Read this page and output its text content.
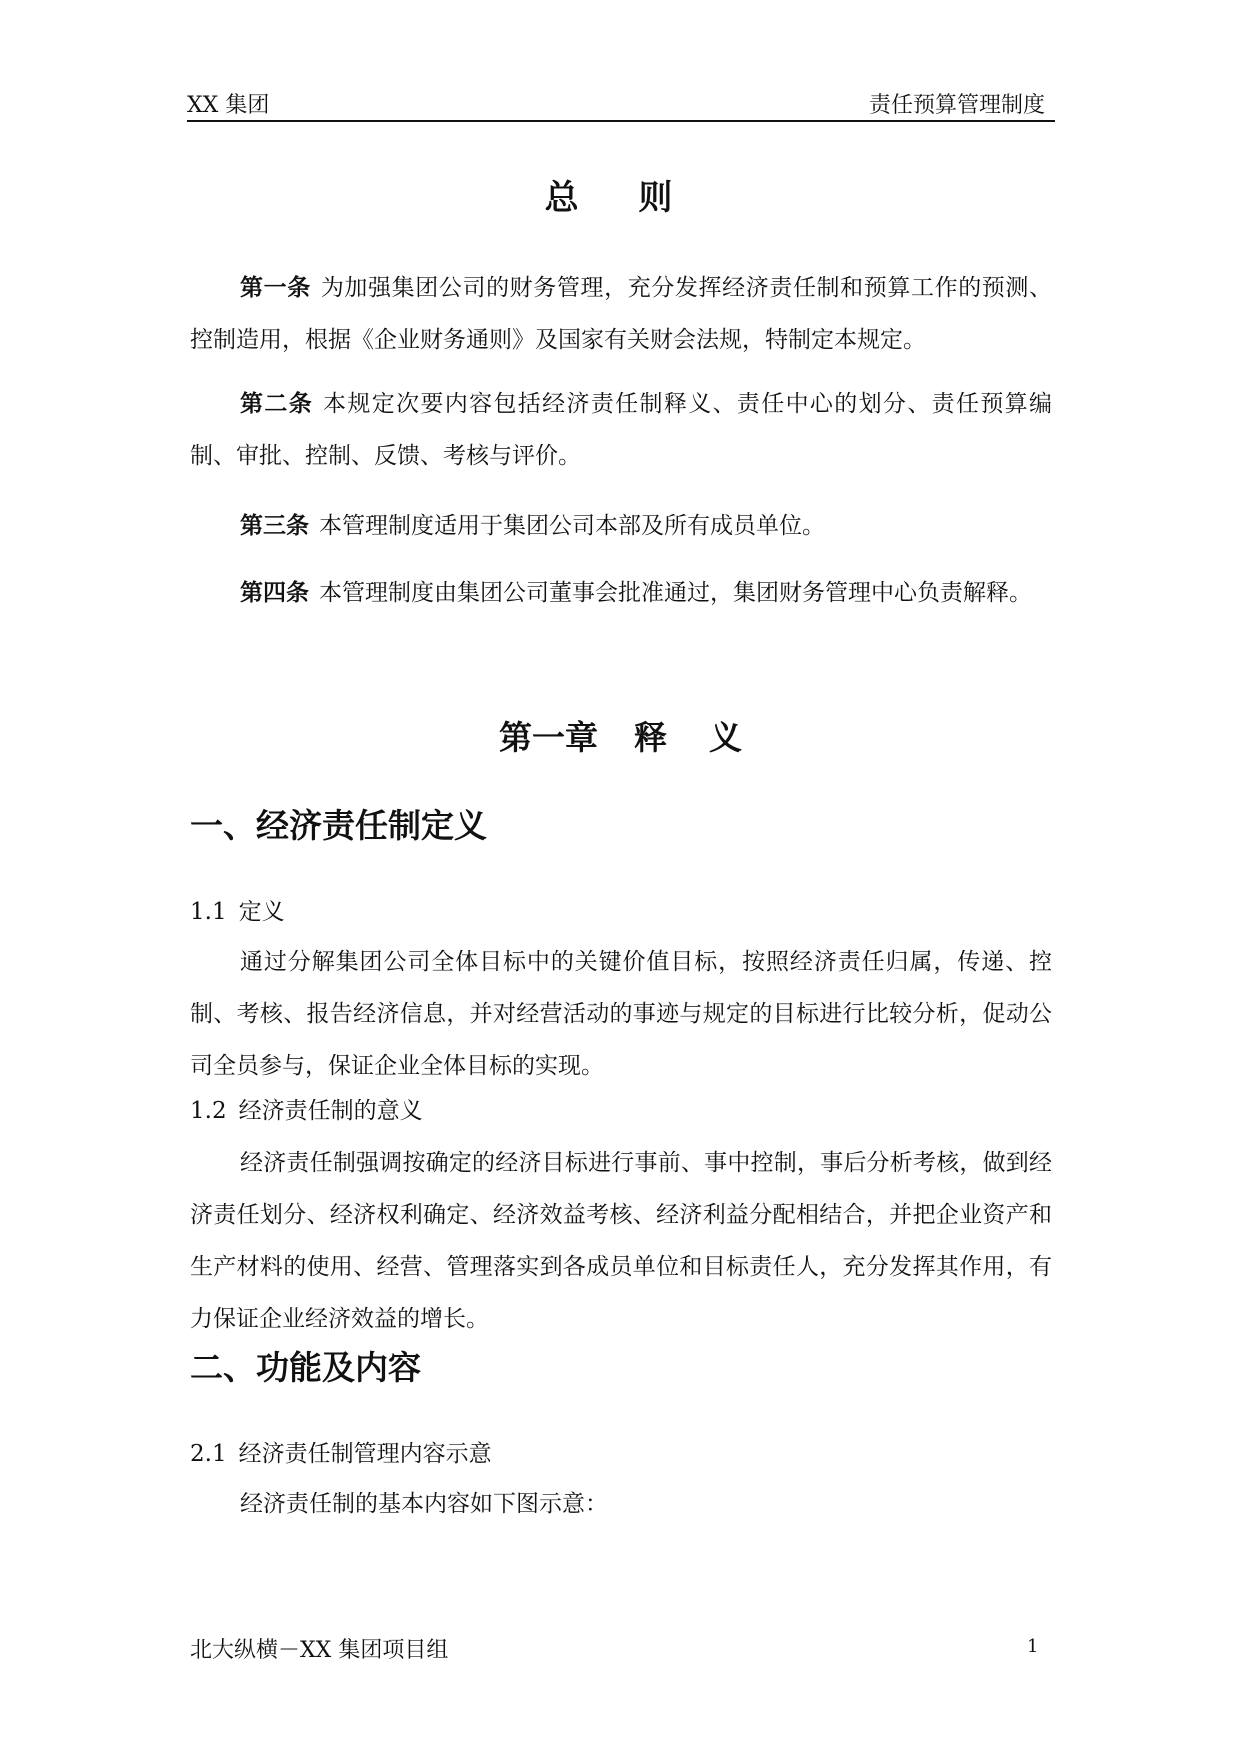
XX 集团	责任预算管理制度
总 则
第一条 为加强集团公司的财务管理，充分发挥经济责任制和预算工作的预测、控制造用，根据《企业财务通则》及国家有关财会法规，特制定本规定。
第二条 本规定次要内容包括经济责任制释义、责任中心的划分、责任预算编制、审批、控制、反馈、考核与评价。
第三条 本管理制度适用于集团公司本部及所有成员单位。
第四条 本管理制度由集团公司董事会批准通过，集团财务管理中心负责解释。
第一章 释 义
一、经济责任制定义
1.1 定义
通过分解集团公司全体目标中的关键价值目标，按照经济责任归属，传递、控制、考核、报告经济信息，并对经营活动的事迹与规定的目标进行比较分析，促动公司全员参与，保证企业全体目标的实现。
1.2 经济责任制的意义
经济责任制强调按确定的经济目标进行事前、事中控制，事后分析考核，做到经济责任划分、经济权利确定、经济效益考核、经济利益分配相结合，并把企业资产和生产材料的使用、经营、管理落实到各成员单位和目标责任人，充分发挥其作用，有力保证企业经济效益的增长。
二、功能及内容
2.1 经济责任制管理内容示意
经济责任制的基本内容如下图示意：
北大纵横－XX 集团项目组	1
